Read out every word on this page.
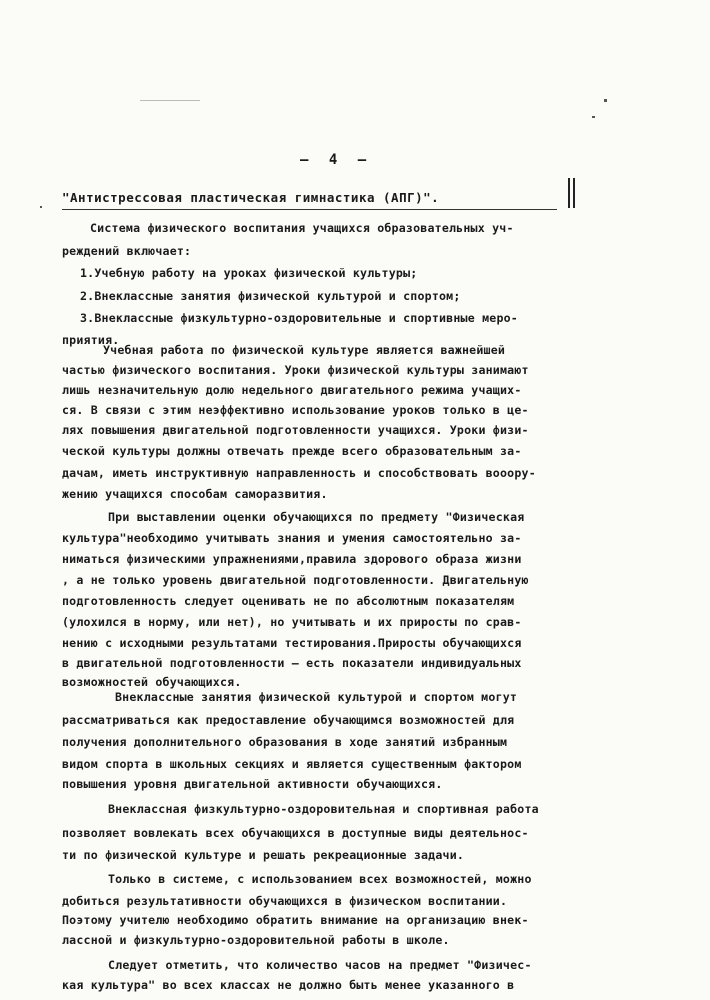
– 4 –
"Антистрессовая пластическая гимнастика (АПГ)".
Система физического воспитания учащихся образовательных уч-
реждений включает:
1.Учебную работу на уроках физической культуры;
2.Внеклассные занятия физической культурой и спортом;
3.Внеклассные физкультурно-оздоровительные и спортивные меро-
приятия.
Учебная работа по физической культуре является важнейшей
частью физического воспитания. Уроки физической культуры занимают
лишь незначительную долю недельного двигательного режима учащих-
ся. В связи с этим неэффективно использование уроков только в це-
лях повышения двигательной подготовленности учащихся. Уроки физи-
ческой культуры должны отвечать прежде всего образовательным за-
дачам, иметь инструктивную направленность и способствовать вооору-
жению учащихся способам саморазвития.
При выставлении оценки обучающихся по предмету "Физическая
культура"необходимо учитывать знания и умения самостоятельно за-
ниматься физическими упражнениями,правила здорового образа жизни
, а не только уровень двигательной подготовленности. Двигательную
подготовленность следует оценивать не по абсолютным показателям
(улохился в норму, или нет), но учитывать и их приросты по срав-
нению с исходными результатами тестирования.Приросты обучающихся
в двигательной подготовленности – есть показатели индивидуальных
возможностей обучающихся.
Внеклассные занятия физической культурой и спортом могут
рассматриваться как предоставление обучающимся возможностей для
получения дополнительного образования в ходе занятий избранным
видом спорта в школьных секциях и является существенным фактором
повышения уровня двигательной активности обучающихся.
Внеклассная физкультурно-оздоровительная и спортивная работа
позволяет вовлекать всех обучающихся в доступные виды деятельнос-
ти по физической культуре и решать рекреационные задачи.
Только в системе, с использованием всех возможностей, можно
добиться результативности обучающихся в физическом воспитании.
Поэтому учителю необходимо обратить внимание на организацию внек-
лассной и физкультурно-оздоровительной работы в школе.
Следует отметить, что количество часов на предмет "Физичес-
кая культура" во всех классах не должно быть менее указанного в
